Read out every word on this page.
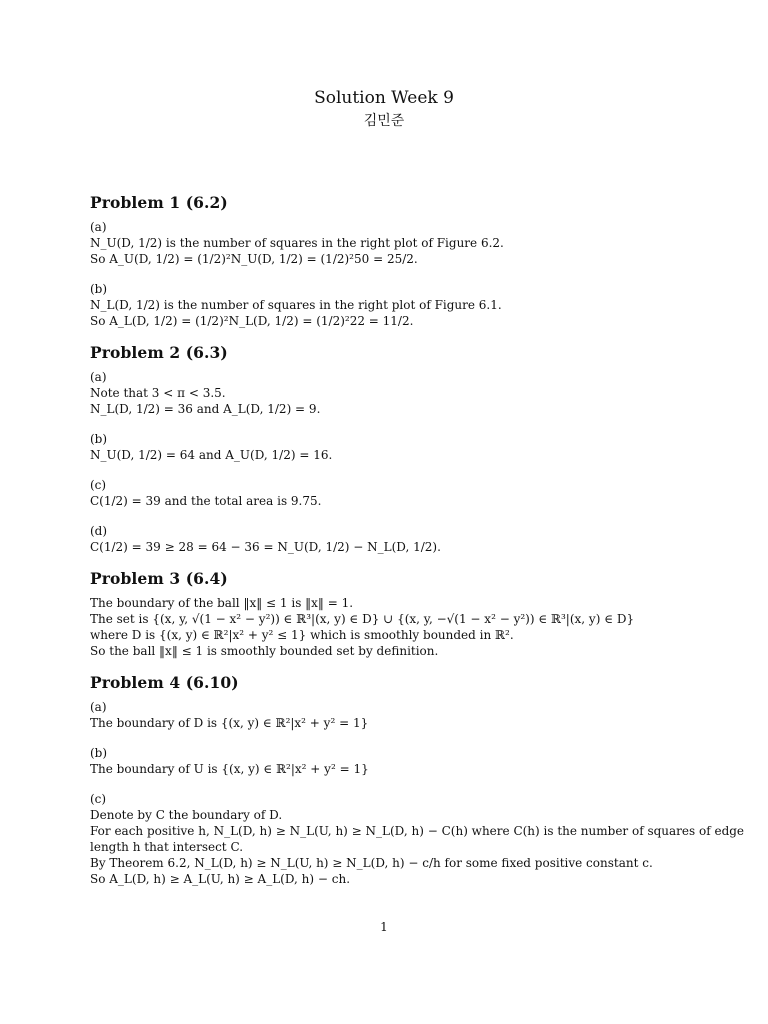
Solution Week 9
김민준
Problem 1 (6.2)
(a)
N_U(D, 1/2) is the number of squares in the right plot of Figure 6.2.
So A_U(D, 1/2) = (1/2)²N_U(D, 1/2) = (1/2)²50 = 25/2.
(b)
N_L(D, 1/2) is the number of squares in the right plot of Figure 6.1.
So A_L(D, 1/2) = (1/2)²N_L(D, 1/2) = (1/2)²22 = 11/2.
Problem 2 (6.3)
(a)
Note that 3 < π < 3.5.
N_L(D, 1/2) = 36 and A_L(D, 1/2) = 9.
(b)
N_U(D, 1/2) = 64 and A_U(D, 1/2) = 16.
(c)
C(1/2) = 39 and the total area is 9.75.
(d)
C(1/2) = 39 ≥ 28 = 64 − 36 = N_U(D, 1/2) − N_L(D, 1/2).
Problem 3 (6.4)
The boundary of the ball ‖x‖ ≤ 1 is ‖x‖ = 1.
The set is {(x, y, √(1 − x² − y²)) ∈ ℝ³|(x, y) ∈ D} ∪ {(x, y, −√(1 − x² − y²)) ∈ ℝ³|(x, y) ∈ D}
where D is {(x, y) ∈ ℝ²|x² + y² ≤ 1} which is smoothly bounded in ℝ².
So the ball ‖x‖ ≤ 1 is smoothly bounded set by definition.
Problem 4 (6.10)
(a)
The boundary of D is {(x, y) ∈ ℝ²|x² + y² = 1}
(b)
The boundary of U is {(x, y) ∈ ℝ²|x² + y² = 1}
(c)
Denote by C the boundary of D.
For each positive h, N_L(D, h) ≥ N_L(U, h) ≥ N_L(D, h) − C(h) where C(h) is the number of squares of edge
length h that intersect C.
By Theorem 6.2, N_L(D, h) ≥ N_L(U, h) ≥ N_L(D, h) − c/h for some fixed positive constant c.
So A_L(D, h) ≥ A_L(U, h) ≥ A_L(D, h) − ch.
1
